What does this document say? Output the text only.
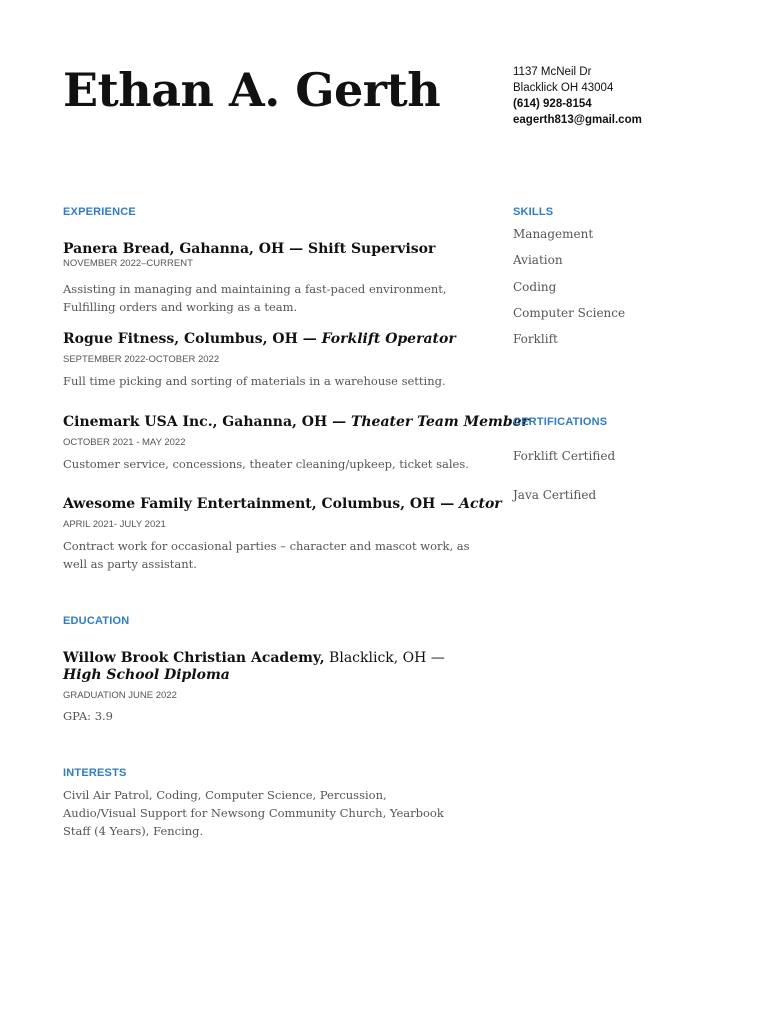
Ethan A. Gerth	1137 McNeil Dr
Blacklick OH 43004
(614) 928-8154
eagerth813@gmail.com
EXPERIENCE
Panera Bread, Gahanna, OH — Shift Supervisor
NOVEMBER 2022–CURRENT
Assisting in managing and maintaining a fast-paced environment, Fulfilling orders and working as a team.
Rogue Fitness, Columbus, OH — Forklift Operator
SEPTEMBER 2022-OCTOBER 2022
Full time picking and sorting of materials in a warehouse setting.
Cinemark USA Inc., Gahanna, OH — Theater Team Member
OCTOBER 2021 - MAY 2022
Customer service, concessions, theater cleaning/upkeep, ticket sales.
Awesome Family Entertainment, Columbus, OH — Actor
APRIL 2021- JULY 2021
Contract work for occasional parties – character and mascot work, as well as party assistant.
EDUCATION
Willow Brook Christian Academy, Blacklick, OH — High School Diploma
GRADUATION JUNE 2022
GPA: 3.9
INTERESTS
Civil Air Patrol, Coding, Computer Science, Percussion, Audio/Visual Support for Newsong Community Church, Yearbook Staff (4 Years), Fencing.
SKILLS
Management
Aviation
Coding
Computer Science
Forklift
CERTIFICATIONS
Forklift Certified
Java Certified
